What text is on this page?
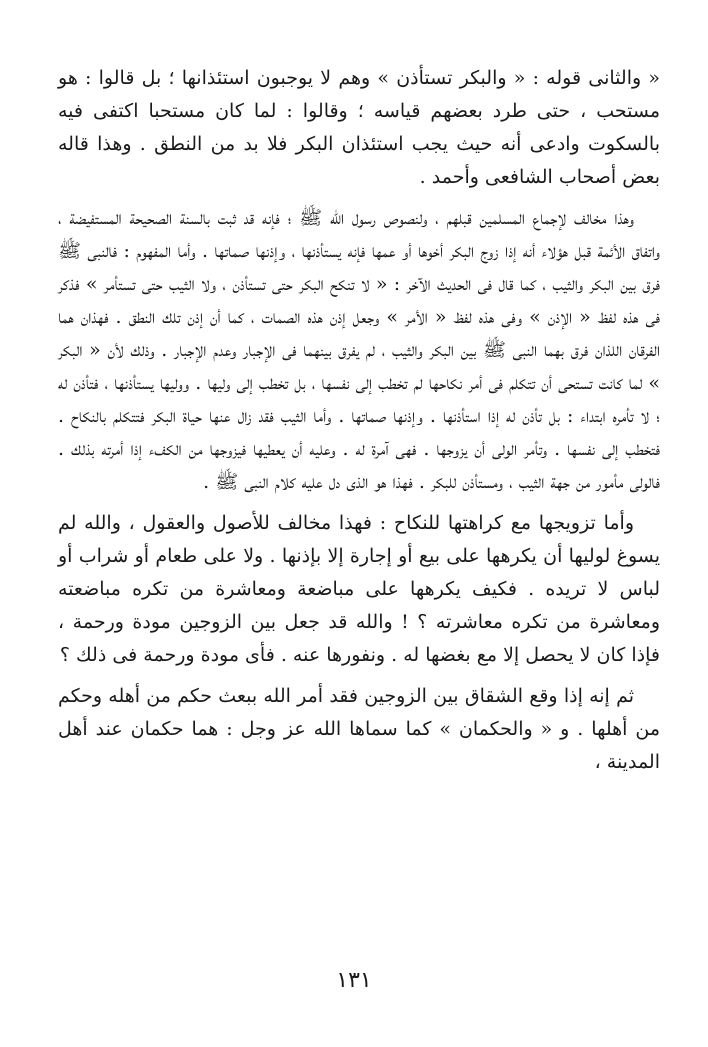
« والثانى قوله : « والبكر تستأذن » وهم لا يوجبون استئذانها ؛ بل قالوا : هو مستحب ، حتى طرد بعضهم قياسه ؛ وقالوا : لما كان مستحبا اكتفى فيه بالسكوت وادعى أنه حيث يجب استئذان البكر فلا بد من النطق . وهذا قاله بعض أصحاب الشافعى وأحمد .

وهذا مخالف لإجماع المسلمين قبلهم ، ولنصوص رسول الله ﷺ ؛ فإنه قد ثبت بالسنة الصحيحة المستفيضة ، واتفاق الأئمة قبل هؤلاء أنه إذا زوج البكر أخوها أو عمها فإنه يستأذنها ، وإذنها صماتها . وأما المفهوم : فالنبى ﷺ فرق بين البكر والثيب ، كما قال فى الحديث الآخر : « لا تنكح البكر حتى تستأذن ، ولا الثيب حتى تستأمر » فذكر فى هذه لفظ « الإذن » وفى هذه لفظ « الأمر » وجعل إذن هذه الصمات ، كما أن إذن تلك النطق . فهذان هما الفرقان اللذان فرق بهما النبى ﷺ بين البكر والثيب ، لم يفرق بينهما فى الإجبار وعدم الإجبار . وذلك لأن « البكر » لما كانت تستحى أن تتكلم فى أمر نكاحها لم تخطب إلى نفسها ، بل تخطب إلى وليها . ووليها يستأذنها ، فتأذن له ؛ لا تأمره ابتداء : بل تأذن له إذا استأذنها . وإذنها صماتها . وأما الثيب فقد زال عنها حياة البكر فتتكلم بالنكاح . فتخطب إلى نفسها . وتأمر الولى أن يزوجها . فهى آمرة له . وعليه أن يعطيها فيزوجها من الكفء إذا أمرته بذلك . فالولى مأمور من جهة الثيب ، ومستأذن للبكر . فهذا هو الذى دل عليه كلام النبى ﷺ .

وأما تزويجها مع كراهتها للنكاح : فهذا مخالف للأصول والعقول ، والله لم يسوغ لوليها أن يكرهها على بيع أو إجارة إلا بإذنها . ولا على طعام أو شراب أو لباس لا تريده . فكيف يكرهها على مباضعة ومعاشرة من تكره مباضعته ومعاشرة من تكره معاشرته ؟ ! والله قد جعل بين الزوجين مودة ورحمة ، فإذا كان لا يحصل إلا مع بغضها له . ونفورها عنه . فأى مودة ورحمة فى ذلك ؟

ثم إنه إذا وقع الشقاق بين الزوجين فقد أمر الله ببعث حكم من أهله وحكم من أهلها . و « والحكمان » كما سماها الله عز وجل : هما حكمان عند أهل المدينة ،

١٣١
